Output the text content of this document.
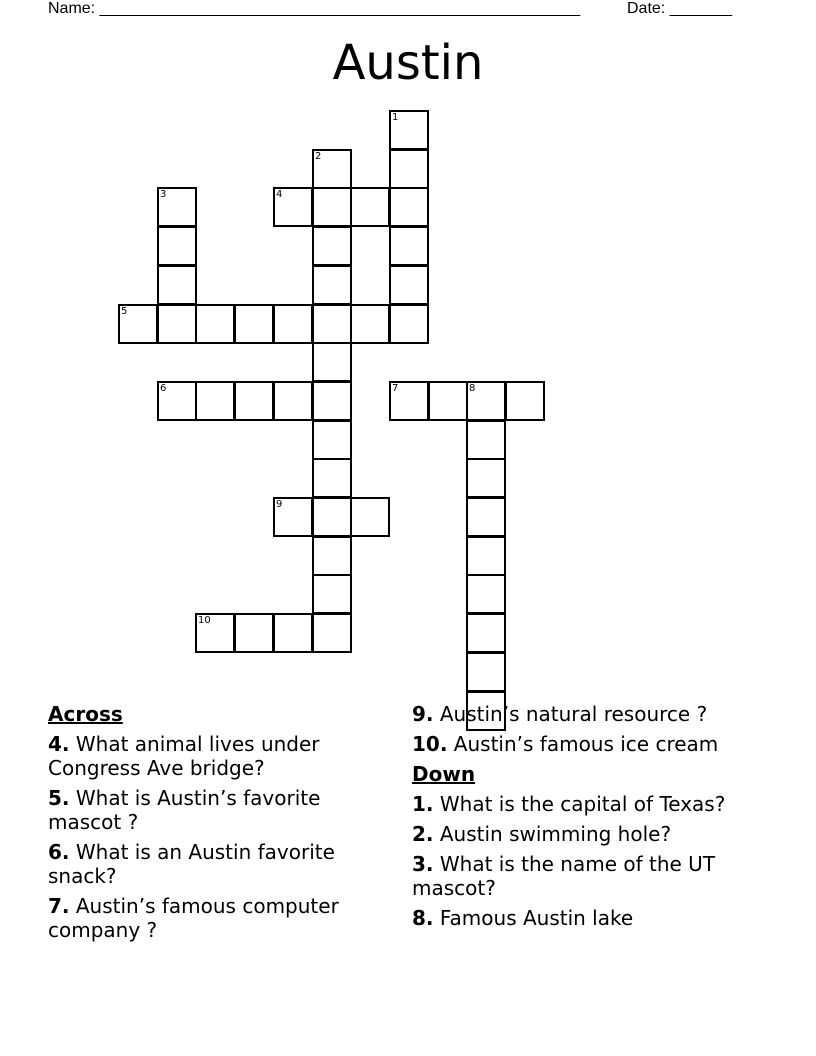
Name: ______________________________________________________	Date: _______
Austin
1
2
3	4
5
6	7	8
9
10
Across
4. What animal lives under Congress Ave bridge?
5. What is Austin’s favorite mascot ?
6. What is an Austin favorite snack?
7. Austin’s famous computer company ?
9. Austin’s natural resource ?
10. Austin’s famous ice cream
Down
1. What is the capital of Texas?
2. Austin swimming hole?
3. What is the name of the UT mascot?
8. Famous Austin lake
